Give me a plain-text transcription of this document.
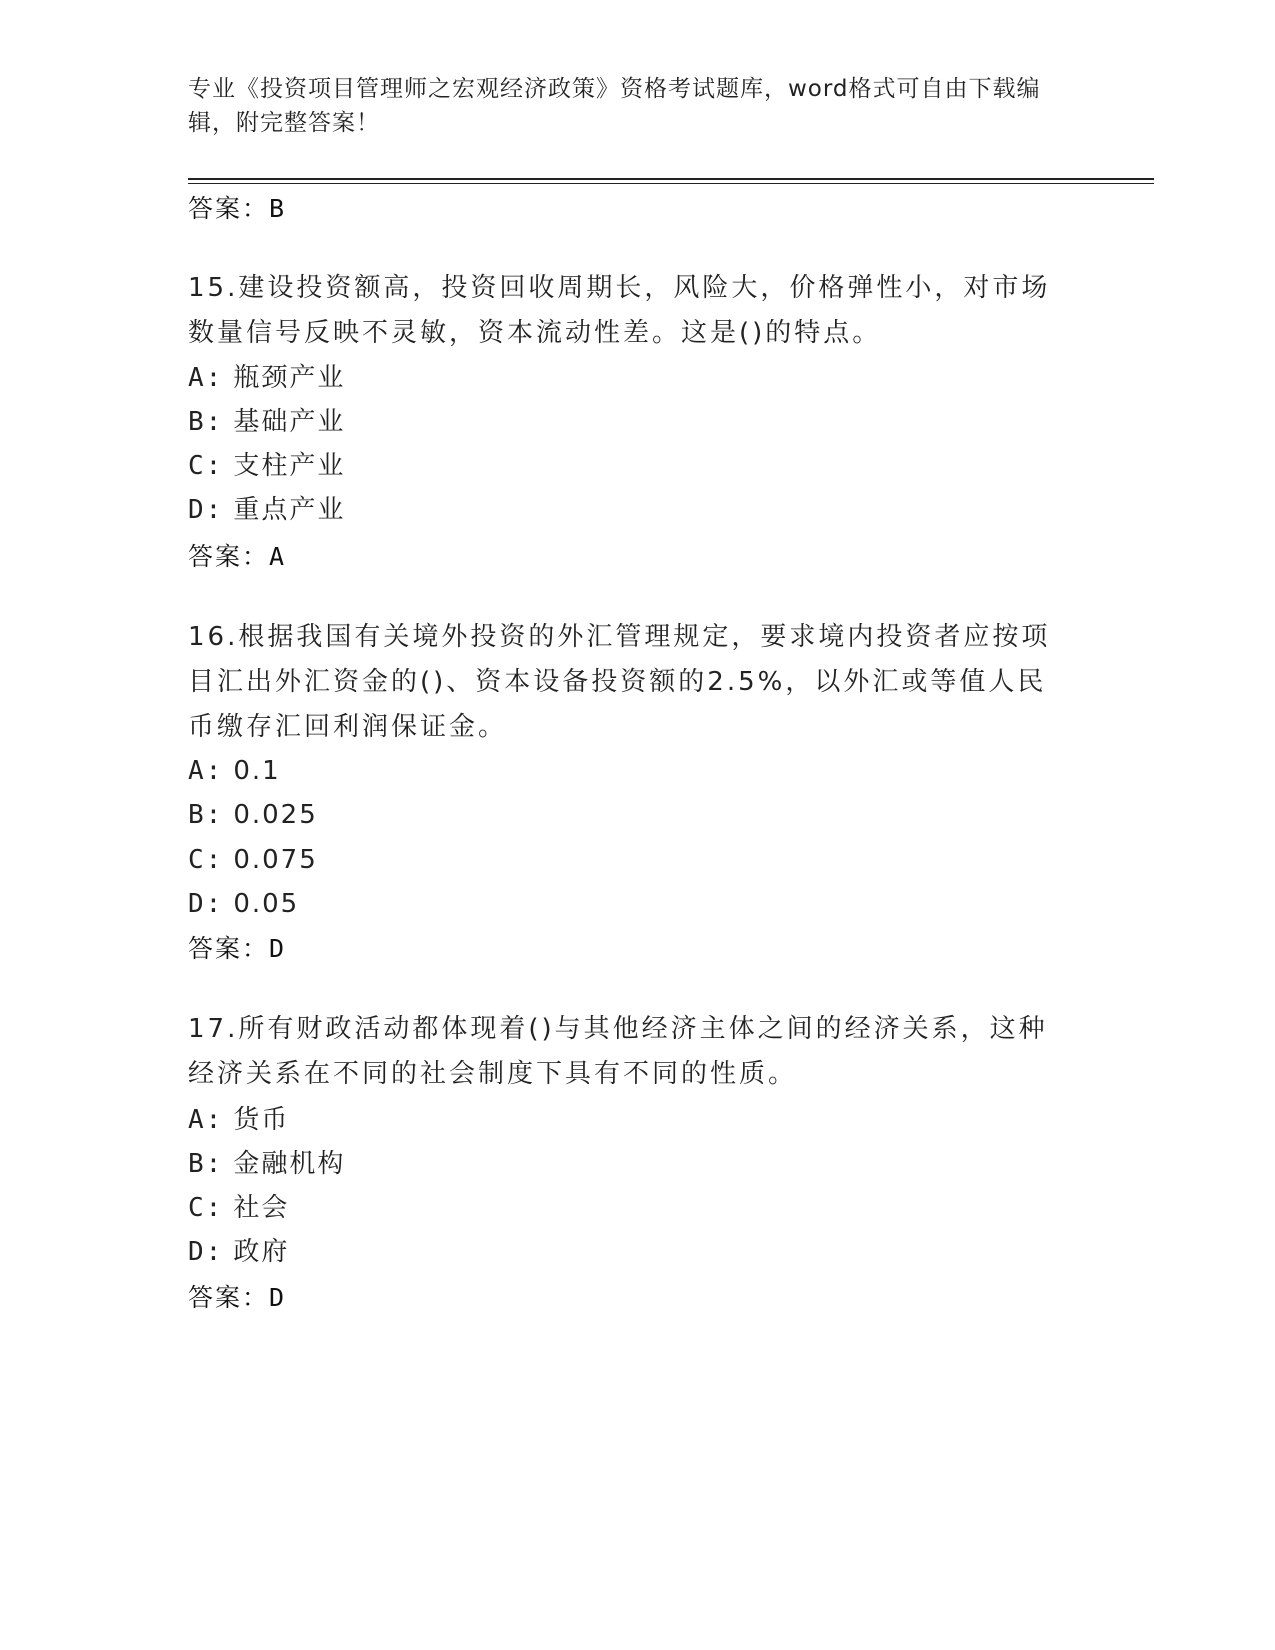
专业《投资项目管理师之宏观经济政策》资格考试题库，word格式可自由下载编辑，附完整答案！
答案：B
15.建设投资额高，投资回收周期长，风险大，价格弹性小，对市场数量信号反映不灵敏，资本流动性差。这是()的特点。
A: 瓶颈产业
B: 基础产业
C: 支柱产业
D: 重点产业
答案：A
16.根据我国有关境外投资的外汇管理规定，要求境内投资者应按项目汇出外汇资金的()、资本设备投资额的2.5%，以外汇或等值人民币缴存汇回利润保证金。
A: 0.1
B: 0.025
C: 0.075
D: 0.05
答案：D
17.所有财政活动都体现着()与其他经济主体之间的经济关系，这种经济关系在不同的社会制度下具有不同的性质。
A: 货币
B: 金融机构
C: 社会
D: 政府
答案：D
